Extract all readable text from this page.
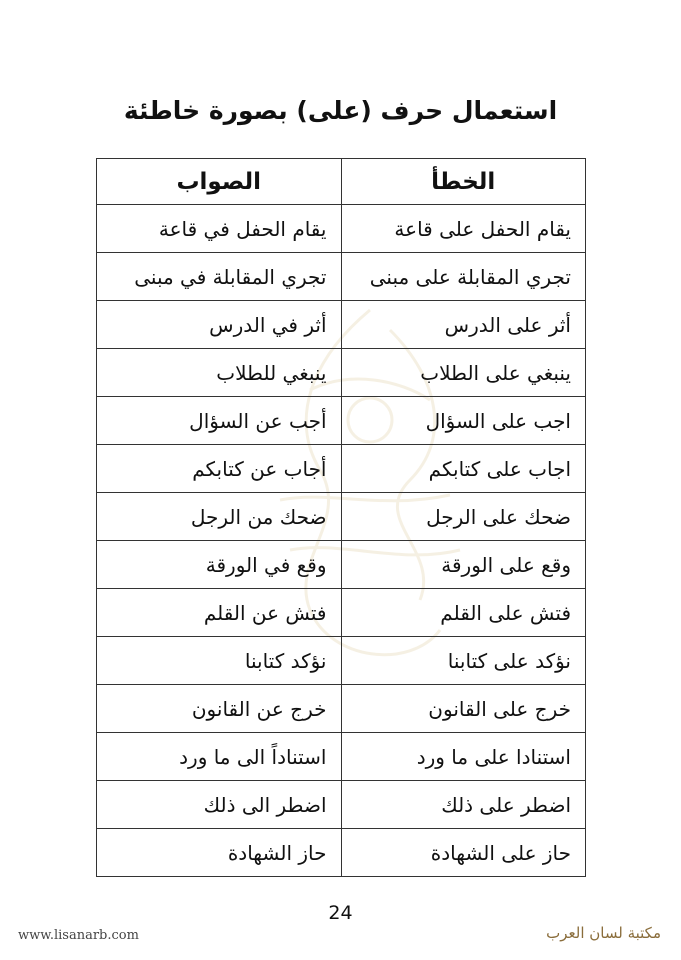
استعمال حرف (على) بصورة خاطئة
الخطأ	الصواب
يقام الحفل على قاعة	يقام الحفل في قاعة
تجري المقابلة على مبنى	تجري المقابلة في مبنى
أثر على الدرس	أثر في الدرس
ينبغي على الطلاب	ينبغي للطلاب
اجب على السؤال	أجب عن السؤال
اجاب على كتابكم	أجاب عن كتابكم
ضحك على الرجل	ضحك من الرجل
وقع على الورقة	وقع في الورقة
فتش على القلم	فتش عن القلم
نؤكد على كتابنا	نؤكد كتابنا
خرج على القانون	خرج عن القانون
استنادا على ما ورد	استناداً الى ما ورد
اضطر على ذلك	اضطر الى ذلك
حاز على الشهادة	حاز الشهادة
24
www.lisanarb.com	مكتبة لسان العرب
